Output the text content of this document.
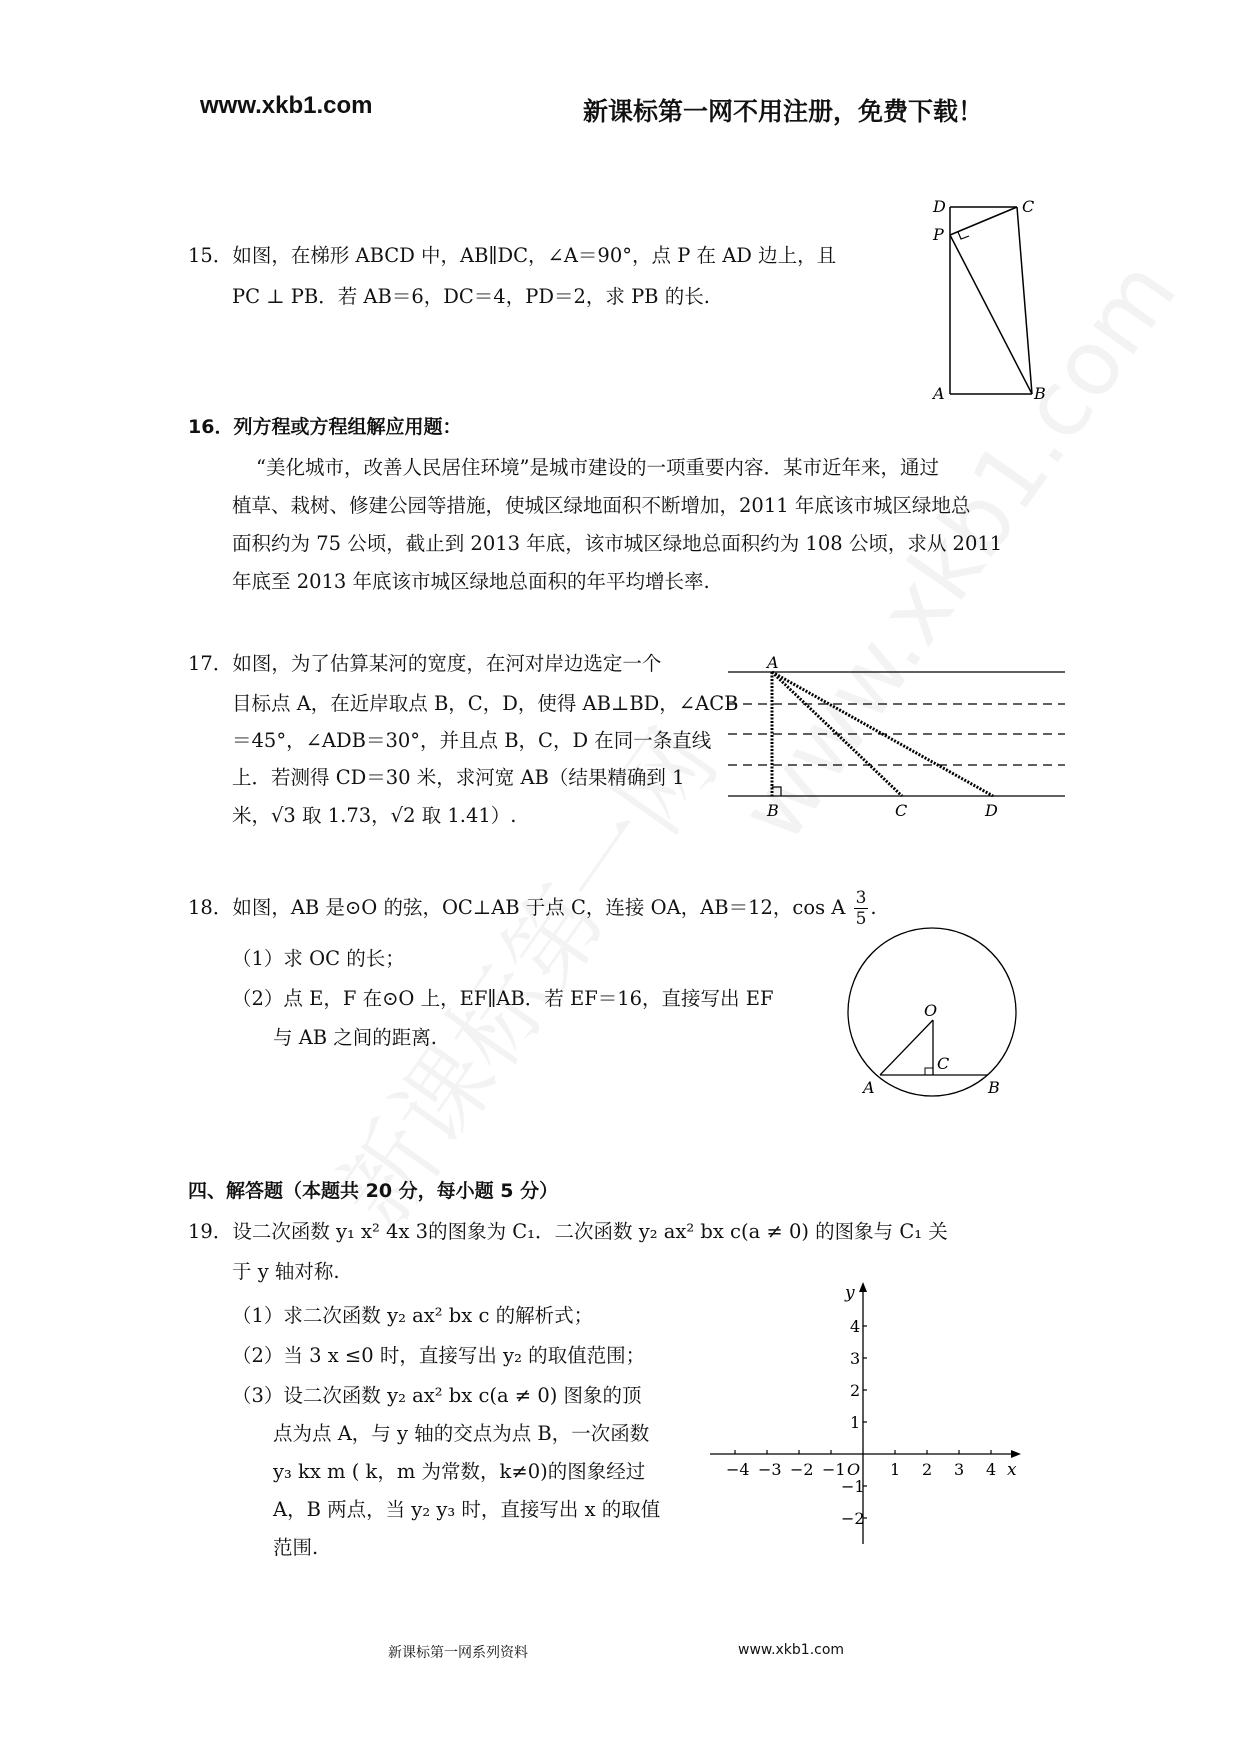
www.xkb1.com	新课标第一网不用注册，免费下载！
15．如图，在梯形 ABCD 中，AB∥DC，∠A＝90°，点 P 在 AD 边上，且
PC ⊥ PB．若 AB＝6，DC＝4，PD＝2，求 PB 的长.
D	C
P
A	B
16．列方程或方程组解应用题：
“美化城市，改善人民居住环境”是城市建设的一项重要内容．某市近年来，通过
植草、栽树、修建公园等措施，使城区绿地面积不断增加，2011 年底该市城区绿地总
面积约为 75 公顷，截止到 2013 年底，该市城区绿地总面积约为 108 公顷，求从 2011
年底至 2013 年底该市城区绿地总面积的年平均增长率.
17．如图，为了估算某河的宽度，在河对岸边选定一个
目标点 A，在近岸取点 B，C，D，使得 AB⊥BD，∠ACB
＝45°，∠ADB＝30°，并且点 B，C，D 在同一条直线
上．若测得 CD＝30 米，求河宽 AB（结果精确到 1
米，√3 取 1.73，√2 取 1.41）.
A
B	C	D
18．如图，AB 是⊙O 的弦，OC⊥AB 于点 C，连接 OA，AB＝12，cos A $\frac{3}{5}$ .
（1）求 OC 的长；
（2）点 E，F 在⊙O 上，EF∥AB．若 EF＝16，直接写出 EF
与 AB 之间的距离.
O
C
A	B
四、解答题（本题共 20 分，每小题 5 分）
19．设二次函数 y₁ x² 4x 3的图象为 C₁．二次函数 y₂ ax² bx c(a ≠ 0) 的图象与 C₁ 关
于 y 轴对称.
（1）求二次函数 y₂ ax² bx c 的解析式；
（2）当 3 x ≤0 时，直接写出 y₂ 的取值范围；
（3）设二次函数 y₂ ax² bx c(a ≠ 0) 图象的顶
点为点 A，与 y 轴的交点为点 B，一次函数
y₃ kx m ( k，m 为常数，k≠0)的图象经过
A，B 两点，当 y₂ y₃ 时，直接写出 x 的取值
范围.
y
x
O
−4 −3 −2 −1	1 2 3 4
4
3
2
1
−1
−2
新课标第一网系列资料	www.xkb1.com
